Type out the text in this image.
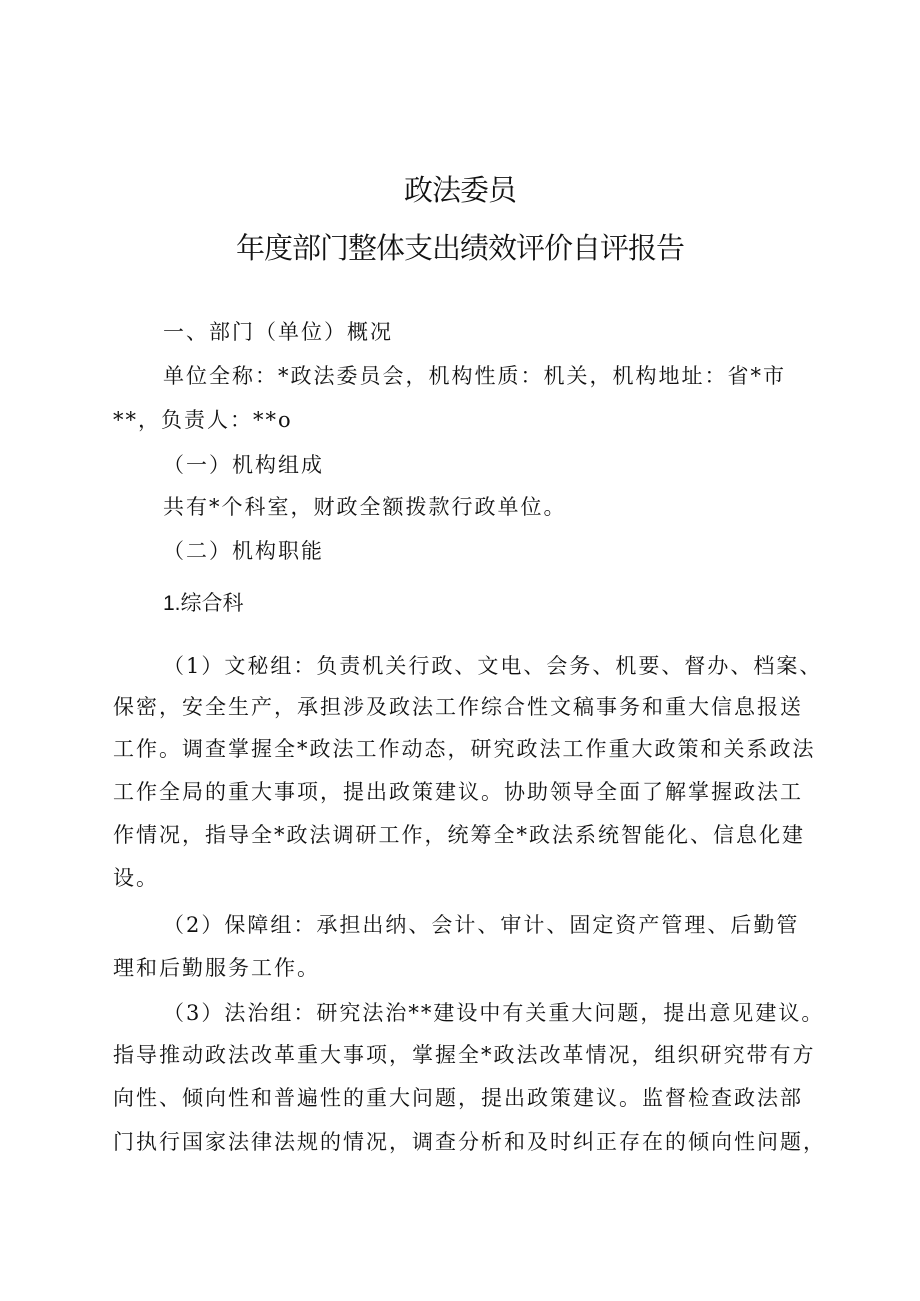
政法委员
年度部门整体支出绩效评价自评报告
一、部门（单位）概况
单位全称：*政法委员会，机构性质：机关，机构地址：省*市
**，负责人：**o
（一）机构组成
共有*个科室，财政全额拨款行政单位。
（二）机构职能
1.综合科
（1）文秘组：负责机关行政、文电、会务、机要、督办、档案、
保密，安全生产，承担涉及政法工作综合性文稿事务和重大信息报送
工作。调查掌握全*政法工作动态，研究政法工作重大政策和关系政法
工作全局的重大事项，提出政策建议。协助领导全面了解掌握政法工
作情况，指导全*政法调研工作，统筹全*政法系统智能化、信息化建
设。
（2）保障组：承担出纳、会计、审计、固定资产管理、后勤管
理和后勤服务工作。
（3）法治组：研究法治**建设中有关重大问题，提出意见建议。
指导推动政法改革重大事项，掌握全*政法改革情况，组织研究带有方
向性、倾向性和普遍性的重大问题，提出政策建议。监督检查政法部
门执行国家法律法规的情况，调查分析和及时纠正存在的倾向性问题，
